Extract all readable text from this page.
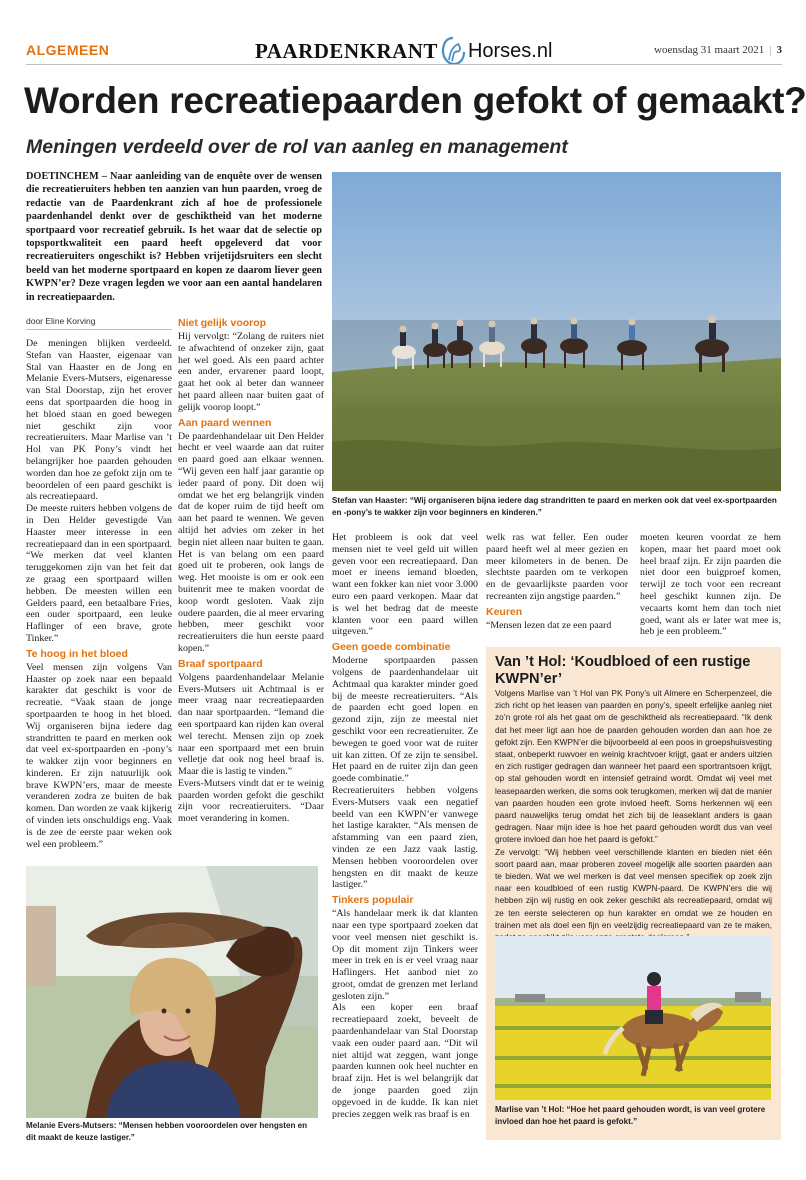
ALGEMEEN	PAARDENKRANT Horses.nl	woensdag 31 maart 2021 | 3
Worden recreatiepaarden gefokt of gemaakt?
Meningen verdeeld over de rol van aanleg en management

DOETINCHEM – Naar aanleiding van de enquête over de wensen die recreatieruiters hebben ten aanzien van hun paarden, vroeg de redactie van de Paardenkrant zich af hoe de professionele paardenhandel denkt over de geschiktheid van het moderne sportpaard voor recreatief gebruik. Is het waar dat de selectie op topsportkwaliteit een paard heeft opgeleverd dat voor recreatieruiters ongeschikt is? Hebben vrijetijdsruiters een slecht beeld van het moderne sportpaard en kopen ze daarom liever geen KWPN’er? Deze vragen legden we voor aan een aantal handelaren in recreatiepaarden.

door Eline Korving

De meningen blijken verdeeld. Stefan van Haaster, eigenaar van Stal van Haaster en de Jong en Melanie Evers-Mutsers, eigenaresse van Stal Doorstap, zijn het erover eens dat sportpaarden die hoog in het bloed staan en goed bewegen niet geschikt zijn voor recreatieruiters. Maar Marlise van ’t Hol van PK Pony’s vindt het belangrijker hoe paarden gehouden worden dan hoe ze gefokt zijn om te beoordelen of een paard geschikt is als recreatiepaard.

De meeste ruiters hebben volgens de in Den Helder gevestigde Van Haaster meer interesse in een recreatiepaard dan in een sportpaard. “We merken dat veel klanten teruggekomen zijn van het feit dat ze graag een sportpaard willen hebben. De meesten willen een Gelders paard, een betaalbare Fries, een ouder sportpaard, een leuke Haflinger of een brave, grote Tinker.”

Te hoog in het bloed

Veel mensen zijn volgens Van Haaster op zoek naar een bepaald karakter dat geschikt is voor de recreatie. “Vaak staan de jonge sportpaarden te hoog in het bloed. Wij organiseren bijna iedere dag strandritten te paard en merken ook dat veel ex-sportpaarden en -pony’s te wakker zijn voor beginners en kinderen. Er zijn natuurlijk ook brave KWPN’ers, maar de meeste veranderen zodra ze buiten de bak komen. Dan worden ze vaak kijkerig of vinden iets onschuldigs eng. Vaak is de zee de eerste paar weken ook wel een probleem.”

Niet gelijk voorop

Hij vervolgt: “Zolang de ruiters niet te afwachtend of onzeker zijn, gaat het wel goed. Als een paard achter een ander, ervarener paard loopt, gaat het ook al beter dan wanneer het paard alleen naar buiten gaat of gelijk voorop loopt.”

Aan paard wennen

De paardenhandelaar uit Den Helder hecht er veel waarde aan dat ruiter en paard goed aan elkaar wennen. “Wij geven een half jaar garantie op ieder paard of pony. Dit doen wij omdat we het erg belangrijk vinden dat de koper ruim de tijd heeft om aan het paard te wennen. We geven altijd het advies om zeker in het begin niet alleen naar buiten te gaan. Het is van belang om een paard goed uit te proberen, ook langs de weg. Het mooiste is om er ook een buitenrit mee te maken voordat de koop wordt gesloten. Vaak zijn oudere paarden, die al meer ervaring hebben, meer geschikt voor recreatieruiters die hun eerste paard kopen.”

Braaf sportpaard

Volgens paardenhandelaar Melanie Evers-Mutsers uit Achtmaal is er meer vraag naar recreatiepaarden dan naar sportpaarden. “Iemand die een sportpaard kan rijden kan overal wel terecht. Mensen zijn op zoek naar een sportpaard met een bruin velletje dat ook nog heel braaf is. Maar die is lastig te vinden.”

Evers-Mutsers vindt dat er te weinig paarden worden gefokt die geschikt zijn voor recreatieruiters. “Daar moet verandering in komen.

Het probleem is ook dat veel mensen niet te veel geld uit willen geven voor een recreatiepaard. Dan moet er ineens iemand bloeden, want een fokker kan niet voor 3.000 euro een paard verkopen. Maar dat is wel het bedrag dat de meeste klanten voor een paard willen uitgeven.”

Geen goede combinatie

Moderne sportpaarden passen volgens de paardenhandelaar uit Achtmaal qua karakter minder goed bij de meeste recreatieruiters. “Als de paarden echt goed lopen en gezond zijn, zijn ze meestal niet geschikt voor een recreatieruiter. Ze bewegen te goed voor wat de ruiter uit kan zitten. Of ze zijn te sensibel. Het paard en de ruiter zijn dan geen goede combinatie.”

Recreatieruiters hebben volgens Evers-Mutsers vaak een negatief beeld van een KWPN’er vanwege het lastige karakter. “Als mensen de afstamming van een paard zien, vinden ze een Jazz vaak lastig. Mensen hebben vooroordelen over hengsten en dit maakt de keuze lastiger.”

Tinkers populair

“Als handelaar merk ik dat klanten naar een type sportpaard zoeken dat voor veel mensen niet geschikt is. Op dit moment zijn Tinkers weer meer in trek en is er veel vraag naar Haflingers. Het aanbod niet zo groot, omdat de grenzen met Ierland gesloten zijn.”

Als een koper een braaf recreatiepaard zoekt, beveelt de paardenhandelaar van Stal Doorstap vaak een ouder paard aan. “Dit wil niet altijd wat zeggen, want jonge paarden kunnen ook heel nuchter en braaf zijn. Het is wel belangrijk dat de jonge paarden goed zijn opgevoed in de kudde. Ik kan niet precies zeggen welk ras braaf is en

welk ras wat feller. Een ouder paard heeft wel al meer gezien en meer kilometers in de benen. De slechtste paarden om te verkopen en de gevaarlijkste paarden voor recreanten zijn angstige paarden.”

Keuren

“Mensen lezen dat ze een paard

moeten keuren voordat ze hem kopen, maar het paard moet ook heel braaf zijn. Er zijn paarden die niet door een buigproef komen, terwijl ze toch voor een recreant heel geschikt kunnen zijn. De vecaarts komt hem dan toch niet goed, want als er later wat mee is, heb je een probleem.”

Stefan van Haaster: “Wij organiseren bijna iedere dag strandritten te paard en merken ook dat veel ex-sportpaarden en -pony’s te wakker zijn voor beginners en kinderen.”
Melanie Evers-Mutsers: “Mensen hebben vooroordelen over hengsten en dit maakt de keuze lastiger.”
Van ’t Hol: ‘Koudbloed of een rustige KWPN’er’

Volgens Marlise van ’t Hol van PK Pony’s uit Almere en Scherpenzeel, die zich richt op het leasen van paarden en pony’s, speelt erfelijke aanleg niet zo’n grote rol als het gaat om de geschiktheid als recreatiepaard. “Ik denk dat het meer ligt aan hoe de paarden gehouden worden dan aan hoe ze gefokt zijn. Een KWPN’er die bijvoorbeeld al een poos in groepshuisvesting staat, onbeperkt ruwvoer en weinig krachtvoer krijgt, gaat er anders uitzien en zich rustiger gedragen dan wanneer het paard een sportrantsoen krijgt, op stal gehouden wordt en intensief getraind wordt. Omdat wij veel met leasepaarden werken, die soms ook terugkomen, merken wij dat de manier van paarden houden een grote invloed heeft. Soms herkennen wij een paard nauwelijks terug omdat het zich bij de leaseklant anders is gaan gedragen. Naar mijn idee is hoe het paard gehouden wordt dus van veel grotere invloed dan hoe het paard is gefokt.”

Ze vervolgt: “Wij hebben veel verschillende klanten en bieden niet één soort paard aan, maar proberen zoveel mogelijk alle soorten paarden aan te bieden. Wat we wel merken is dat veel mensen specifiek op zoek zijn naar een koudbloed of een rustig KWPN-paard. De KWPN’ers die wij hebben zijn wij rustig en ook zeker geschikt als recreatiepaard, omdat wij ze ten eerste selecteren op hun karakter en omdat we ze houden en trainen met als doel een fijn en veelzijdig recreatiepaard van ze te maken,

Marlise van ’t Hol: “Hoe het paard gehouden wordt, is van veel grotere invloed dan hoe het paard is gefokt.”
